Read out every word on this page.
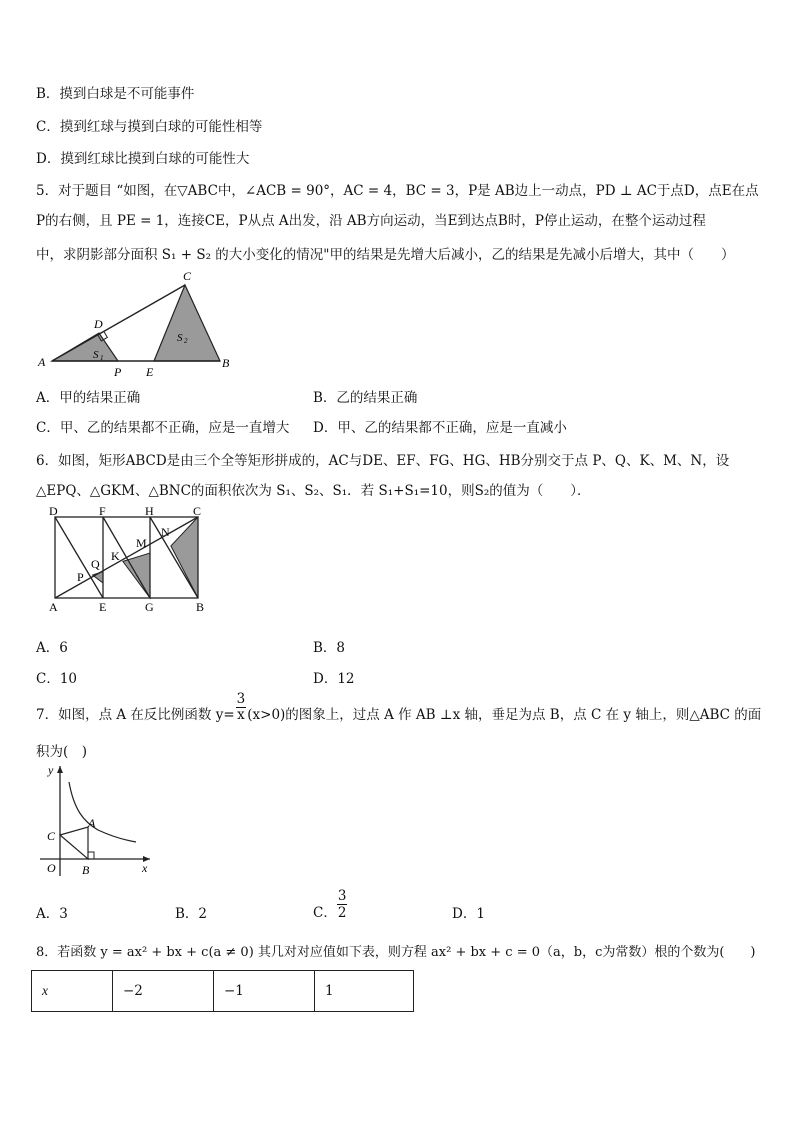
B．摸到白球是不可能事件
C．摸到红球与摸到白球的可能性相等
D．摸到红球比摸到白球的可能性大
5．对于题目 “如图，在▽ABC中，∠ACB = 90°，AC = 4，BC = 3，P是 AB边上一动点，PD ⊥ AC于点D，点E在点
P的右侧，且 PE = 1，连接CE，P从点 A出发，沿 AB方向运动，当E到达点B时，P停止运动，在整个运动过程
中，求阴影部分面积 S₁ + S₂ 的大小变化的情况"甲的结果是先增大后减小，乙的结果是先减小后增大，其中（　　）
C
D
A	B
P E
S 1
S 2
A．甲的结果正确	B．乙的结果正确
C．甲、乙的结果都不正确，应是一直增大 D．甲、乙的结果都不正确，应是一直减小
6．如图，矩形ABCD是由三个全等矩形拼成的，AC与DE、EF、FG、HG、HB分别交于点 P、Q、K、M、N，设
△EPQ、△GKM、△BNC的面积依次为 S₁、S₂、S₁．若 S₁+S₁=10，则S₂的值为（　　）．
D	F	H	C
A	E	G	B
P
Q
K
M
N
A．6	B．8
C．10	D．12
7．如图，点 A 在反比例函数 $y= \frac{3}{x} (x>0)$的图象上，过点 A 作 AB ⊥x 轴，垂足为点 B，点 C 在 y 轴上，则△ABC 的面
积为(　)
y
x
O
A
B
C
A．3	B．2	C． $\frac{3}{2}$	D．1
8．若函数 y = ax² + bx + c(a ≠ 0) 其几对对应值如下表，则方程 ax² + bx + c = 0（a，b，c为常数）根的个数为(　　)
x	−2	−1	1
